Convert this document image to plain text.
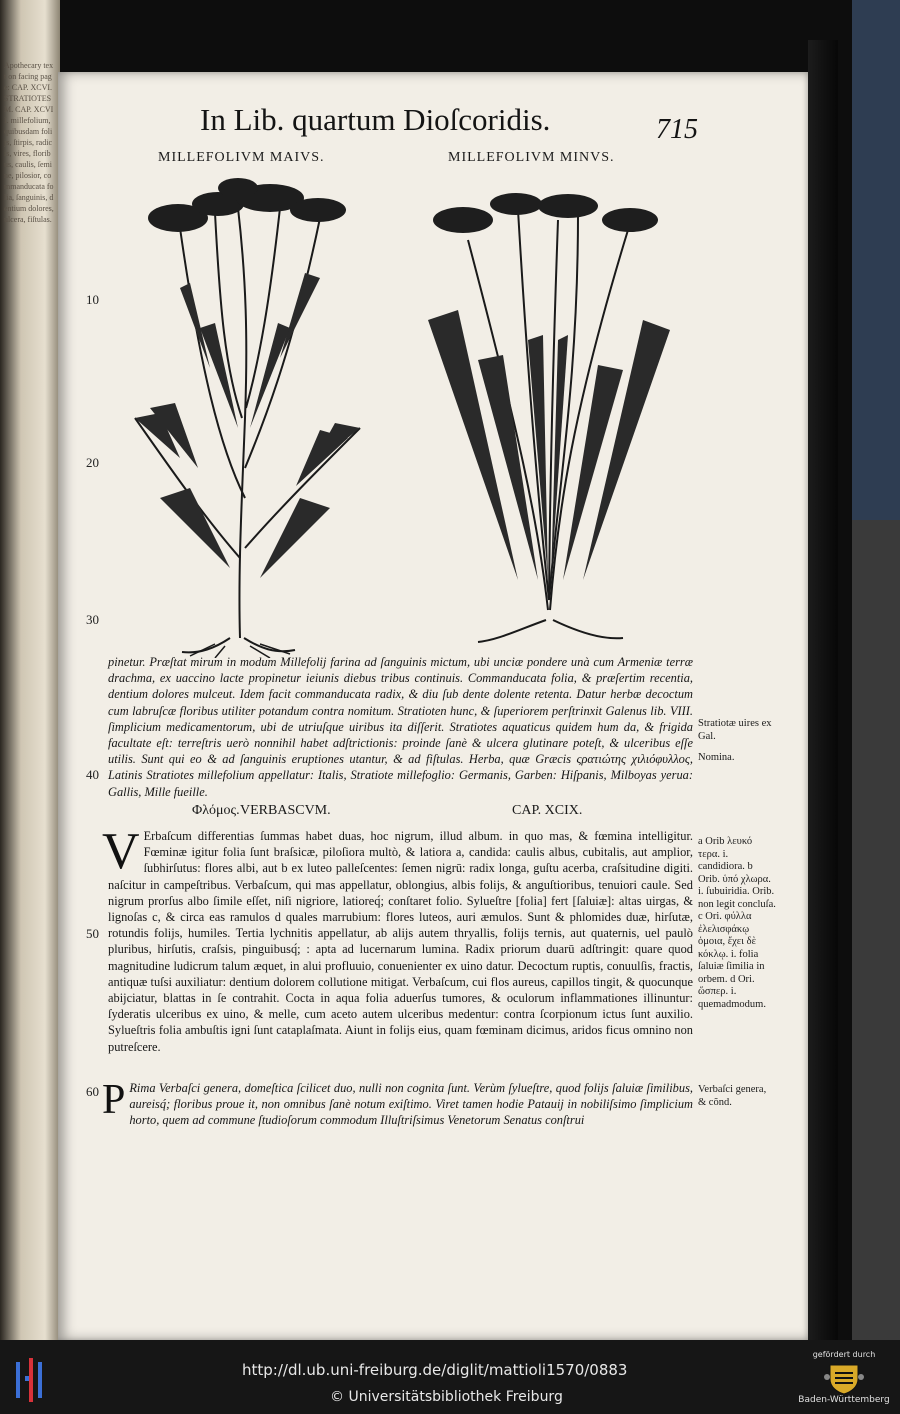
Apothecary text on facing page: CAP. XCVI. STRATIOTES M. CAP. XCVII. millefolium, quibusdam folijs, ſtirpis, radicis, vires, floribus, caulis, ſemine, pilosior, commanducata folia, ſanguinis, dentium dolores, ulcera, fiſtulas.
In Lib. quartum Dioſcoridis.	715
MILLEFOLIVM MAIVS.	MILLEFOLIVM MINVS.
10
20
30
40
50
60
pinetur. Præſtat mirum in modum Millefolij farina ad ſanguinis mictum, ubi unciæ pondere unà cum Armeniæ terræ drachma, ex uaccino lacte propinetur ieiunis diebus tribus continuis. Commanducata folia, & præſertim recentia, dentium dolores mulceut. Idem facit commanducata radix, & diu ſub dente dolente retenta. Datur herbæ decoctum cum labruſcæ floribus utiliter potandum contra nomitum. Stratioten hunc, & ſuperiorem perſtrinxit Galenus lib. VIII. ſimplicium medicamentorum, ubi de utriuſque uiribus ita diſſerit. Stratiotes aquaticus quidem hum da, & frigida facultate eſt: terreſtris uerò nonnihil habet adſtrictionis: proinde ſanè & ulcera glutinare poteſt, & ulceribus eſſe utilis. Sunt qui eo & ad ſanguinis eruptiones utantur, & ad fiſtulas. Herba, quæ Græcis ςρατιώτης χιλιόφυλλος, Latinis Stratiotes millefolium appellatur: Italis, Stratiote millefoglio: Germanis, Garben: Hiſpanis, Milboyas yerua: Gallis, Mille fueille.
Stratiotæ uires ex Gal.
Nomina.
Φλόμος. VERBASCVM.	CAP. XCIX.
V Erbaſcum differentias ſummas habet duas, hoc nigrum, illud album. in quo mas, & fœmina intelligitur. Fœminæ igitur folia ſunt braſsicæ, piloſiora multò, & latiora a, candida: caulis albus, cubitalis, aut amplior, ſubhirſutus: flores albi, aut b ex luteo palleſcentes: ſemen nigrū: radix longa, guſtu acerba, craſsitudine digiti. naſcitur in campeſtribus. Verbaſcum, qui mas appellatur, oblongius, albis folijs, & anguſtioribus, tenuiori caule. Sed nigrum prorſus albo ſimile eſſet, niſi nigriore, latioreq́; conſtaret folio. Sylueſtre [folia] fert [ſaluiæ]: altas uirgas, & lignoſas c, & circa eas ramulos d quales marrubium: flores luteos, auri æmulos. Sunt & phlomides duæ, hirſutæ, rotundis folijs, humiles. Tertia lychnitis appellatur, ab alijs autem thryallis, folijs ternis, aut quaternis, uel paulò pluribus, hirſutis, craſsis, pinguibusq́; : apta ad lucernarum lumina. Radix priorum duarū adſtringit: quare quod magnitudine ludicrum talum æquet, in alui profluuio, conuenienter ex uino datur. Decoctum ruptis, conuulſis, fractis, antiquæ tuſsi auxiliatur: dentium dolorem collutione mitigat. Verbaſcum, cui flos aureus, capillos tingit, & quocunque abijciatur, blattas in ſe contrahit. Cocta in aqua folia aduerſus tumores, & oculorum inflammationes illinuntur: ſyderatis ulceribus ex uino, & melle, cum aceto autem ulceribus medentur: contra ſcorpionum ictus ſunt auxilio. Sylueſtris folia ambuſtis igni ſunt cataplaſmata. Aiunt in folijs eius, quam fœminam dicimus, aridos ficus omnino non putreſcere.
a Orib λευκό τερα. i. candidiora. b Orib. ὑπό χλωρα. i. ſubuiridia. Orib. non legit concluſa. c Ori. φύλλα ἐλελισφάκῳ ὁμοια, ἔχει δὲ κόκλῳ. i. folia ſaluiæ ſimilia in orbem. d Ori. ὥσπερ. i. quemadmodum.
P Rima Verbaſci genera, domeſtica ſcilicet duo, nulli non cognita ſunt. Verùm ſylueſtre, quod folijs ſaluiæ ſimilibus, aureisq́; floribus proue it, non omnibus ſanè notum exiſtimo. Viret tamen hodie Patauij in nobiliſsimo ſimplicium horto, quem ad commune ſtudioſorum commodum Illuſtriſsimus Venetorum Senatus conſtrui
Verbaſci genera, & cõnd.
http://dl.ub.uni-freiburg.de/diglit/mattioli1570/0883
© Universitätsbibliothek Freiburg
gefördert durch
Baden-Württemberg
